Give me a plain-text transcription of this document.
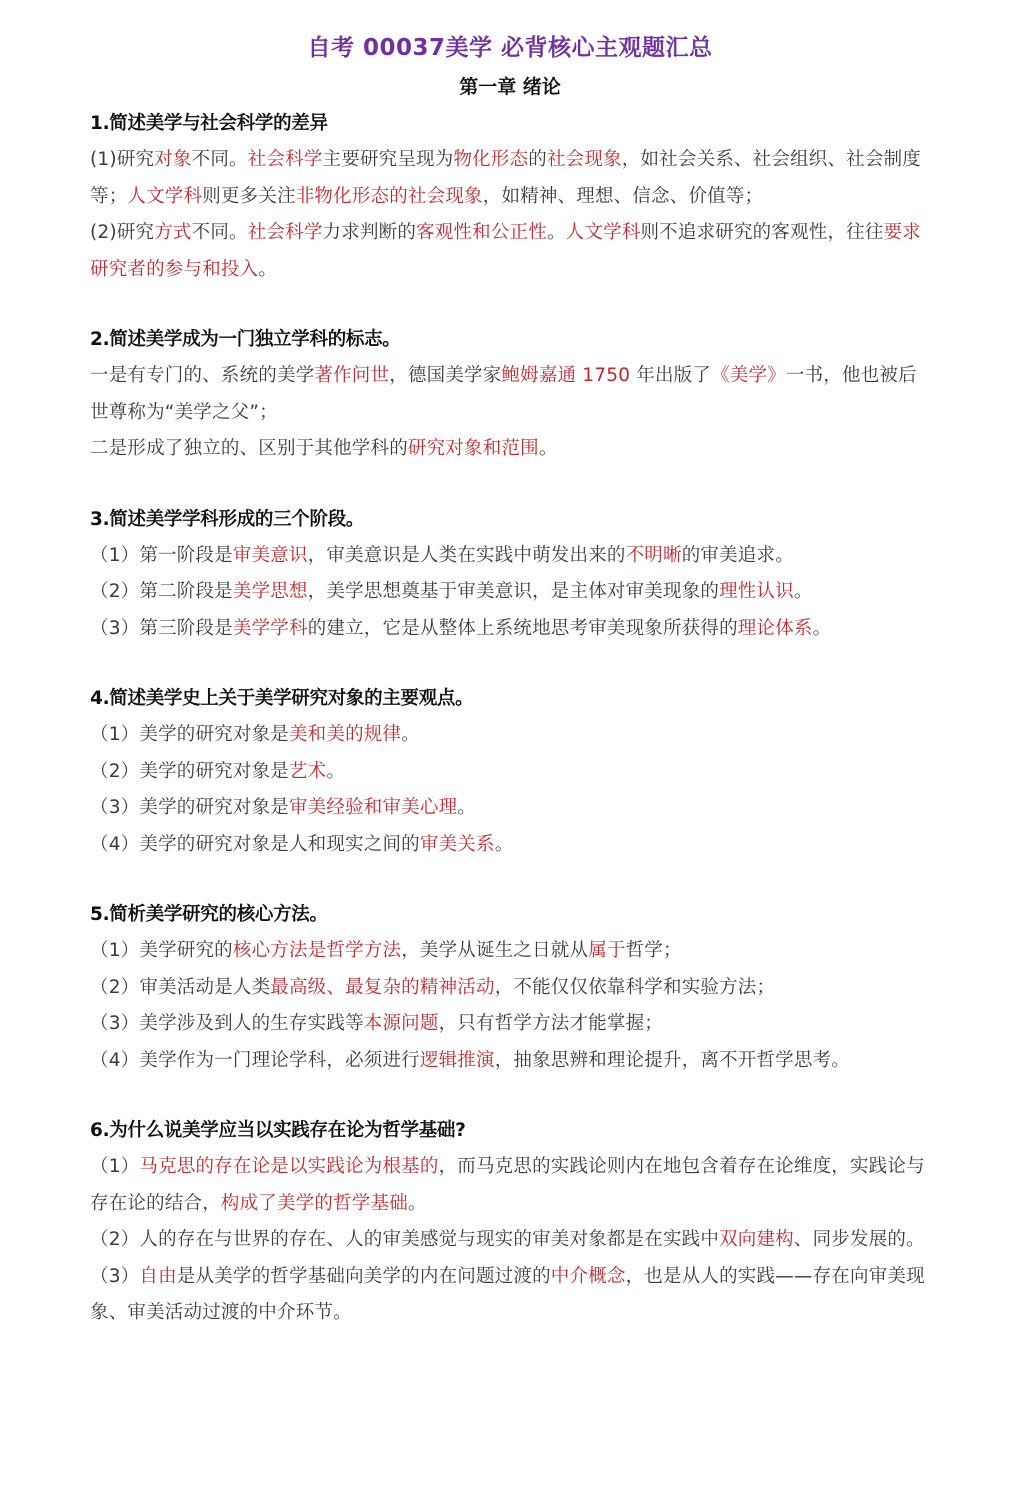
自考 00037美学 必背核心主观题汇总
第一章 绪论

1.简述美学与社会科学的差异

(1)研究对象不同。社会科学主要研究呈现为物化形态的社会现象，如社会关系、社会组织、社会制度等；人文学科则更多关注非物化形态的社会现象，如精神、理想、信念、价值等；

(2)研究方式不同。社会科学力求判断的客观性和公正性。人文学科则不追求研究的客观性，往往要求研究者的参与和投入。

2.简述美学成为一门独立学科的标志。

一是有专门的、系统的美学著作问世，德国美学家鲍姆嘉通 1750 年出版了《美学》一书，他也被后世尊称为“美学之父”；

二是形成了独立的、区别于其他学科的研究对象和范围。

3.简述美学学科形成的三个阶段。

（1）第一阶段是审美意识，审美意识是人类在实践中萌发出来的不明晰的审美追求。

（2）第二阶段是美学思想，美学思想奠基于审美意识，是主体对审美现象的理性认识。

（3）第三阶段是美学学科的建立，它是从整体上系统地思考审美现象所获得的理论体系。

4.简述美学史上关于美学研究对象的主要观点。

（1）美学的研究对象是美和美的规律。

（2）美学的研究对象是艺术。

（3）美学的研究对象是审美经验和审美心理。

（4）美学的研究对象是人和现实之间的审美关系。

5.简析美学研究的核心方法。

（1）美学研究的核心方法是哲学方法，美学从诞生之日就从属于哲学；

（2）审美活动是人类最高级、最复杂的精神活动，不能仅仅依靠科学和实验方法；

（3）美学涉及到人的生存实践等本源问题，只有哲学方法才能掌握；

（4）美学作为一门理论学科，必须进行逻辑推演，抽象思辨和理论提升，离不开哲学思考。

6.为什么说美学应当以实践存在论为哲学基础?

（1）马克思的存在论是以实践论为根基的，而马克思的实践论则内在地包含着存在论维度，实践论与存在论的结合，构成了美学的哲学基础。

（2）人的存在与世界的存在、人的审美感觉与现实的审美对象都是在实践中双向建构、同步发展的。

（3）自由是从美学的哲学基础向美学的内在问题过渡的中介概念，也是从人的实践——存在向审美现象、审美活动过渡的中介环节。
